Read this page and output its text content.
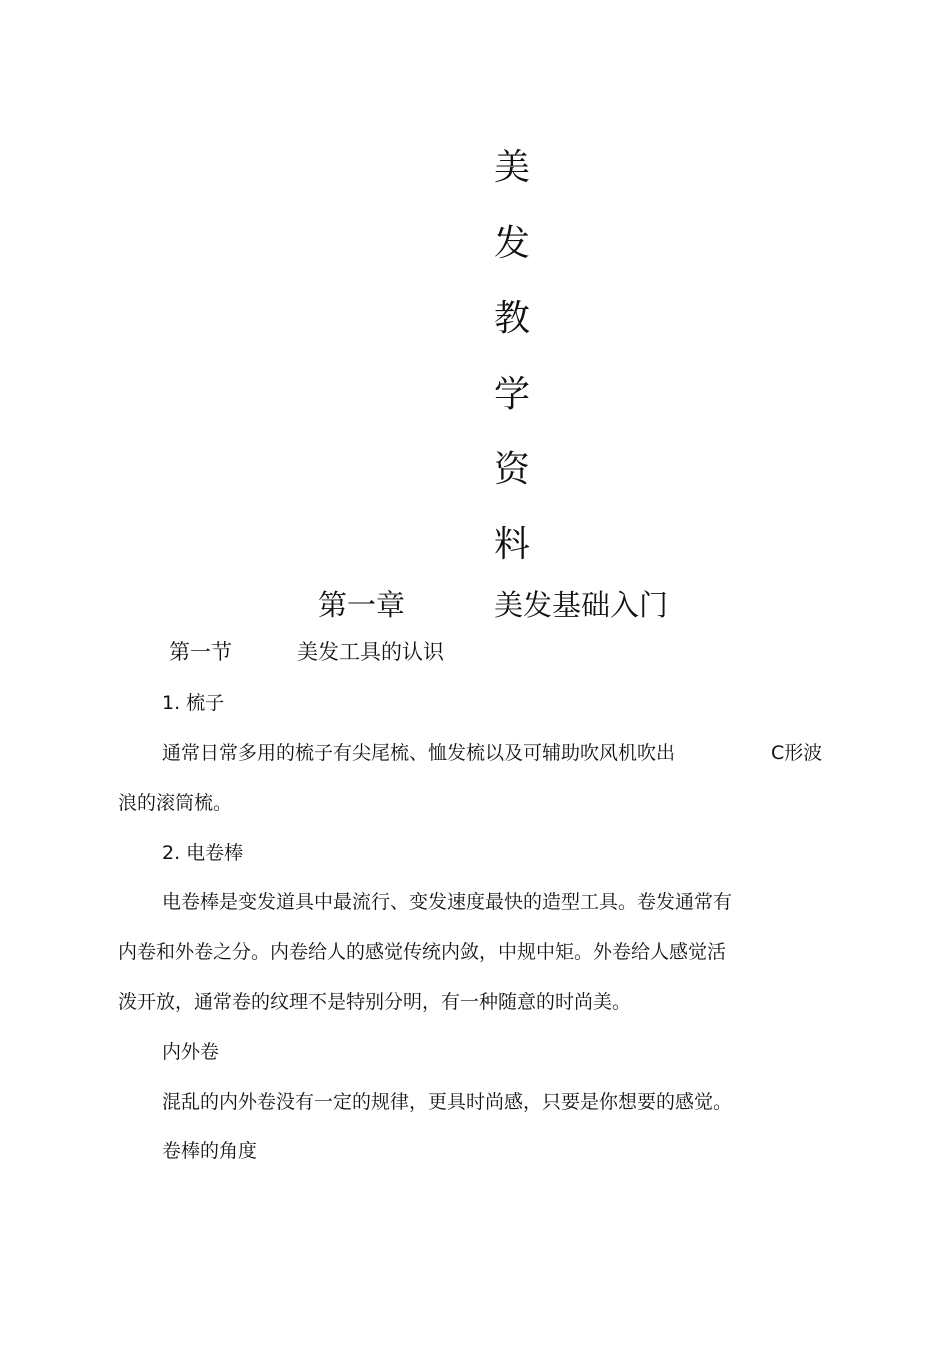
美
发
教
学
资
料
第一章	美发基础入门
第一节	美发工具的认识
1. 梳子
通常日常多用的梳子有尖尾梳、恤发梳以及可辅助吹风机吹出	C形波
浪的滚筒梳。
2. 电卷棒
电卷棒是变发道具中最流行、变发速度最快的造型工具。卷发通常有
内卷和外卷之分。内卷给人的感觉传统内敛，中规中矩。外卷给人感觉活
泼开放，通常卷的纹理不是特别分明，有一种随意的时尚美。
内外卷
混乱的内外卷没有一定的规律，更具时尚感，只要是你想要的感觉。
卷棒的角度
